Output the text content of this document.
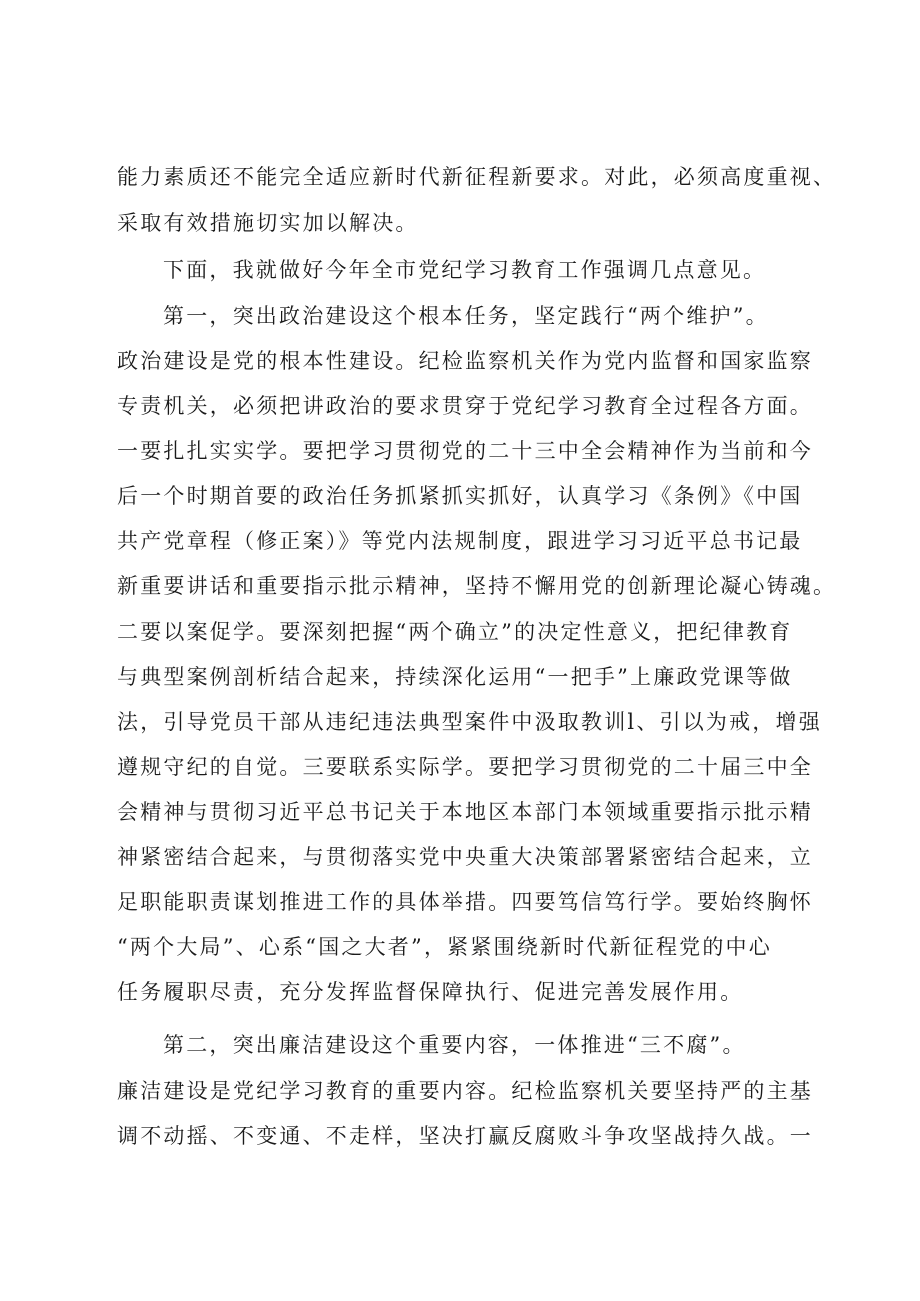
能力素质还不能完全适应新时代新征程新要求。对此，必须高度重视、
采取有效措施切实加以解决。
下面，我就做好今年全市党纪学习教育工作强调几点意见。
第一，突出政治建设这个根本任务，坚定践行“两个维护”。
政治建设是党的根本性建设。纪检监察机关作为党内监督和国家监察
专责机关，必须把讲政治的要求贯穿于党纪学习教育全过程各方面。
一要扎扎实实学。要把学习贯彻党的二十三中全会精神作为当前和今
后一个时期首要的政治任务抓紧抓实抓好，认真学习《条例》《中国
共产党章程（修正案）》等党内法规制度，跟进学习习近平总书记最
新重要讲话和重要指示批示精神，坚持不懈用党的创新理论凝心铸魂。
二要以案促学。要深刻把握“两个确立”的决定性意义，把纪律教育
与典型案例剖析结合起来，持续深化运用“一把手”上廉政党课等做
法，引导党员干部从违纪违法典型案件中汲取教训l、引以为戒，增强
遵规守纪的自觉。三要联系实际学。要把学习贯彻党的二十届三中全
会精神与贯彻习近平总书记关于本地区本部门本领域重要指示批示精
神紧密结合起来，与贯彻落实党中央重大决策部署紧密结合起来，立
足职能职责谋划推进工作的具体举措。四要笃信笃行学。要始终胸怀
“两个大局”、心系“国之大者”，紧紧围绕新时代新征程党的中心
任务履职尽责，充分发挥监督保障执行、促进完善发展作用。
第二，突出廉洁建设这个重要内容，一体推进“三不腐”。
廉洁建设是党纪学习教育的重要内容。纪检监察机关要坚持严的主基
调不动摇、不变通、不走样，坚决打赢反腐败斗争攻坚战持久战。一
